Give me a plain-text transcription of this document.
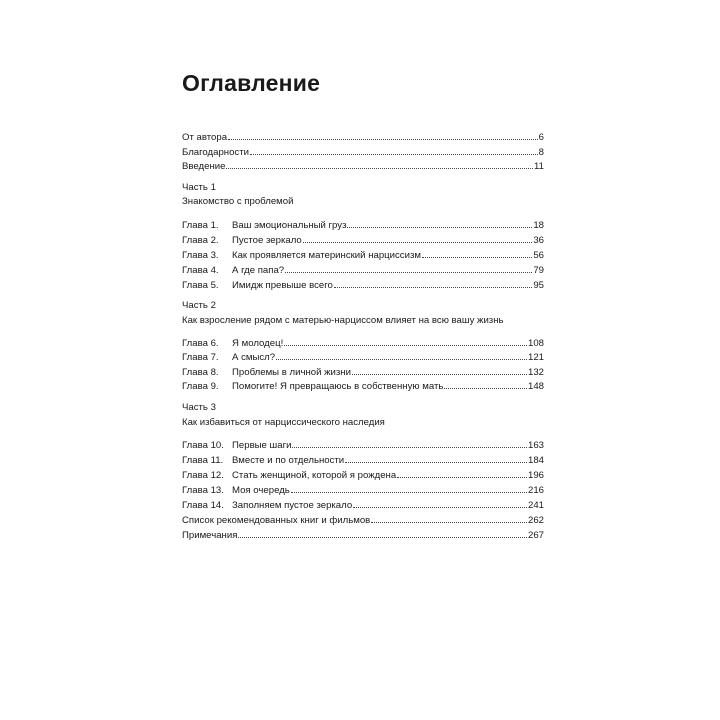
Оглавление
От автора	6
Благодарности	8
Введение	11
Часть 1
Знакомство с проблемой
Глава 1.	Ваш эмоциональный груз	18
Глава 2.	Пустое зеркало	36
Глава 3.	Как проявляется материнский нарциссизм	56
Глава 4.	А где папа?	79
Глава 5.	Имидж превыше всего	95
Часть 2
Как взросление рядом с матерью-нарциссом влияет на всю вашу жизнь
Глава 6.	Я молодец!	108
Глава 7.	А смысл?	121
Глава 8.	Проблемы в личной жизни	132
Глава 9.	Помогите! Я превращаюсь в собственную мать	148
Часть 3
Как избавиться от нарциссического наследия
Глава 10. Первые шаги	163
Глава 11. Вместе и по отдельности	184
Глава 12. Стать женщиной, которой я рождена	196
Глава 13. Моя очередь	216
Глава 14. Заполняем пустое зеркало	241
Список рекомендованных книг и фильмов	262
Примечания	267
